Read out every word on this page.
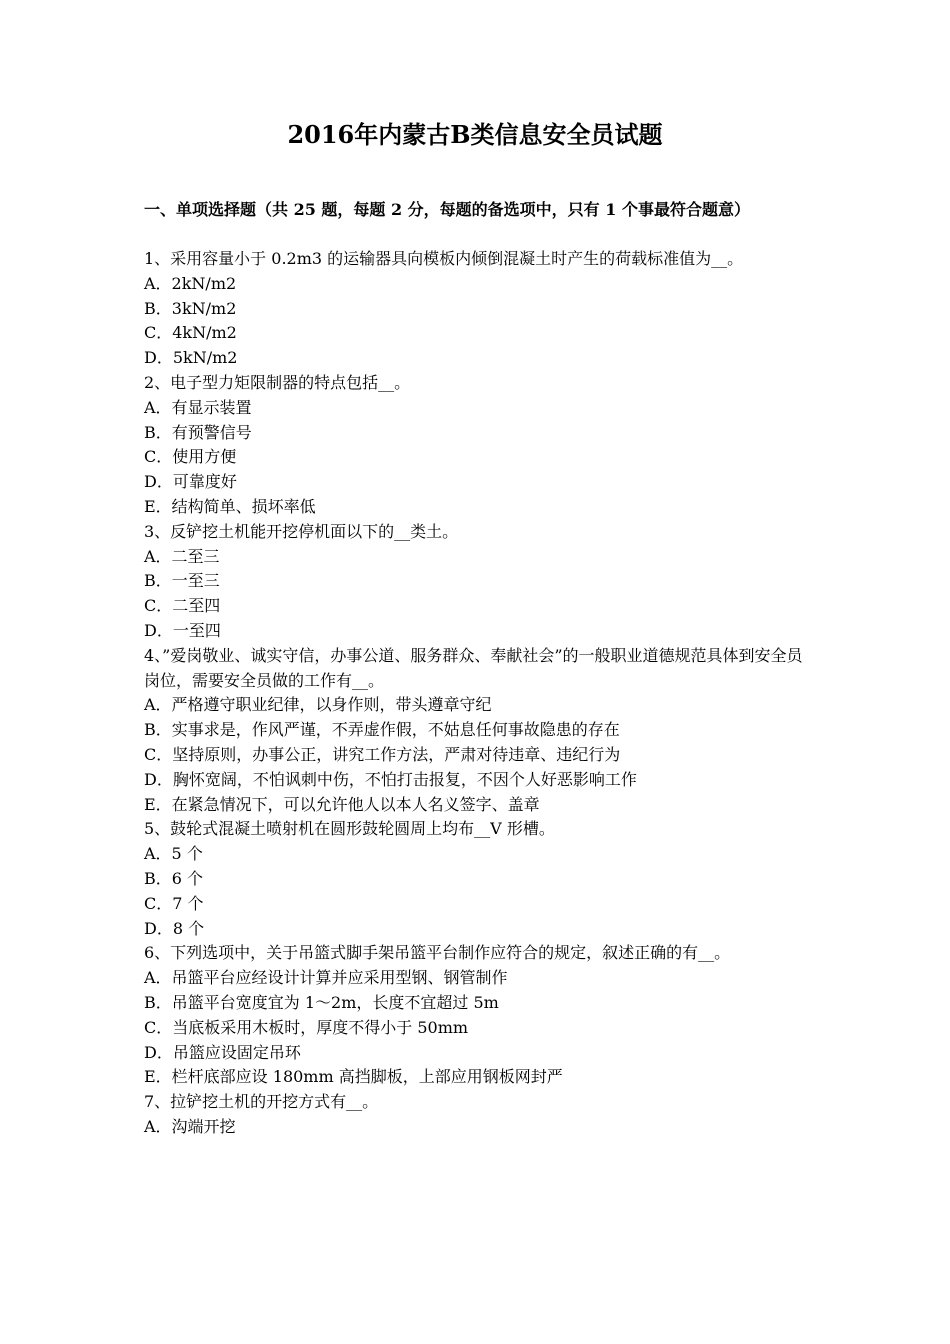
2016年内蒙古B类信息安全员试题
一、单项选择题（共 25 题，每题 2 分，每题的备选项中，只有 1 个事最符合题意）
1、采用容量小于 0.2m3 的运输器具向模板内倾倒混凝土时产生的荷载标准值为__。
A．2kN/m2
B．3kN/m2
C．4kN/m2
D．5kN/m2
2、电子型力矩限制器的特点包括__。
A．有显示装置
B．有预警信号
C．使用方便
D．可靠度好
E．结构简单、损坏率低
3、反铲挖土机能开挖停机面以下的__类土。
A．二至三
B．一至三
C．二至四
D．一至四
4、”爱岗敬业、诚实守信，办事公道、服务群众、奉献社会”的一般职业道德规范具体到安全员岗位，需要安全员做的工作有__。
A．严格遵守职业纪律，以身作则，带头遵章守纪
B．实事求是，作风严谨，不弄虚作假，不姑息任何事故隐患的存在
C．坚持原则，办事公正，讲究工作方法，严肃对待违章、违纪行为
D．胸怀宽阔，不怕讽刺中伤，不怕打击报复，不因个人好恶影响工作
E．在紧急情况下，可以允许他人以本人名义签字、盖章
5、鼓轮式混凝土喷射机在圆形鼓轮圆周上均布__V 形槽。
A．5 个
B．6 个
C．7 个
D．8 个
6、下列选项中，关于吊篮式脚手架吊篮平台制作应符合的规定，叙述正确的有__。
A．吊篮平台应经设计计算并应采用型钢、钢管制作
B．吊篮平台宽度宜为 1～2m，长度不宜超过 5m
C．当底板采用木板时，厚度不得小于 50mm
D．吊篮应设固定吊环
E．栏杆底部应设 180mm 高挡脚板，上部应用钢板网封严
7、拉铲挖土机的开挖方式有__。
A．沟端开挖
